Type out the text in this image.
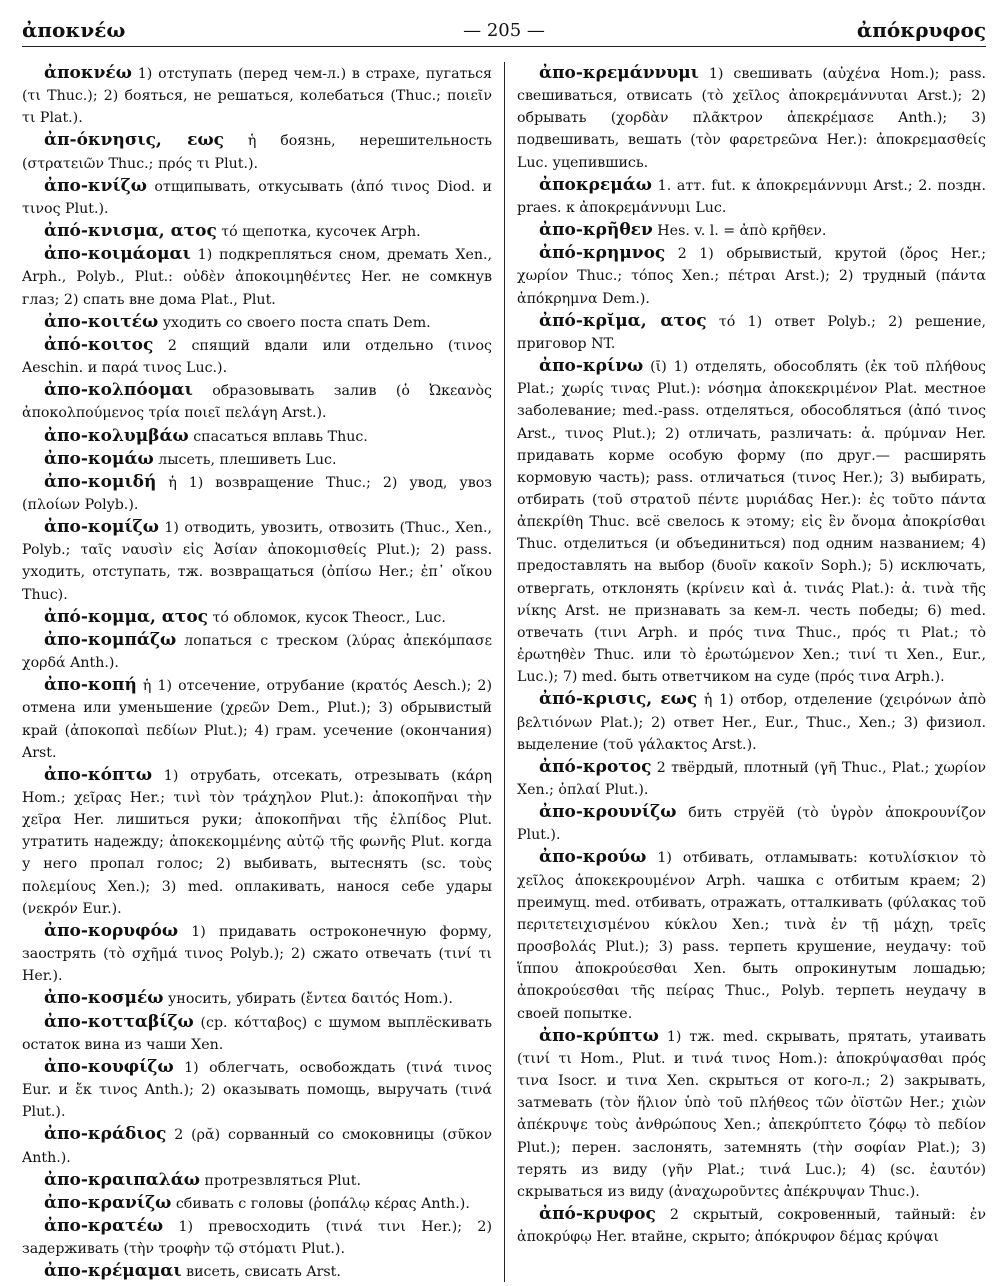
ἀποκνέω	— 205 —	ἀπόκρυφος

ἀποκνέω 1) отступать (перед чем-л.) в страхе, пугаться (τι Thuc.); 2) бояться, не решаться, колебаться (Thuc.; ποιεῖν τι Plat.).

ἀπ-όκνησις, εως ἡ боязнь, нерешительность (στρατειῶν Thuc.; πρός τι Plut.).

ἀπο-κνίζω отщипывать, откусывать (ἀπό τινος Diod. и τινος Plut.).

ἀπό-κνισμα, ατος τό щепотка, кусочек Arph.

ἀπο-κοιμάομαι 1) подкрепляться сном, дремать Xen., Arph., Polyb., Plut.: οὐδὲν ἀποκοιμηθέντες Her. не сомкнув глаз; 2) спать вне дома Plat., Plut.

ἀπο-κοιτέω уходить со своего поста спать Dem.

ἀπό-κοιτος 2 спящий вдали или отдельно (τινος Aeschin. и παρά τινος Luc.).

ἀπο-κολπόομαι образовывать залив (ὁ Ὠκεανὸς ἀποκολπούμενος τρία ποιεῖ πελάγη Arst.).

ἀπο-κολυμβάω спасаться вплавь Thuc.

ἀπο-κομάω лысеть, плешиветь Luc.

ἀπο-κομιδή ἡ 1) возвращение Thuc.; 2) увод, увоз (πλοίων Polyb.).

ἀπο-κομίζω 1) отводить, увозить, отвозить (Thuc., Xen., Polyb.; ταῖς ναυσὶν εἰς Ἀσίαν ἀποκομισθείς Plut.); 2) pass. уходить, отступать, тж. возвращаться (ὀπίσω Her.; ἐπ᾽ οἴκου Thuc).

ἀπό-κομμα, ατος τό обломок, кусок Theocr., Luc.

ἀπο-κομπάζω лопаться с треском (λύρας ἀπεκόμπασε χορδά Anth.).

ἀπο-κοπή ἡ 1) отсечение, отрубание (κρατός Aesch.); 2) отмена или уменьшение (χρεῶν Dem., Plut.); 3) обрывистый край (ἀποκοπαὶ πεδίων Plut.); 4) грам. усечение (окончания) Arst.

ἀπο-κόπτω 1) отрубать, отсекать, отрезывать (κάρη Hom.; χεῖρας Her.; τινὶ τὸν τράχηλον Plut.): ἀποκοπῆναι τὴν χεῖρα Her. лишиться руки; ἀποκοπῆναι τῆς ἐλπίδος Plut. утратить надежду; ἀποκεκομμένης αὐτῷ τῆς φωνῆς Plut. когда у него пропал голос; 2) выбивать, вытеснять (sc. τοὺς πολεμίους Xen.); 3) med. оплакивать, нанося себе удары (νεκρόν Eur.).

ἀπο-κορυφόω 1) придавать остроконечную форму, заострять (τὸ σχῆμά τινος Polyb.); 2) сжато отвечать (τινί τι Her.).

ἀπο-κοσμέω уносить, убирать (ἔντεα δαιτός Hom.).

ἀπο-κοτταβίζω (ср. κότταβος) с шумом выплёскивать остаток вина из чаши Xen.

ἀπο-κουφίζω 1) облегчать, освобождать (τινά τινος Eur. и ἔκ τινος Anth.); 2) оказывать помощь, выручать (τινά Plut.).

ἀπο-κράδιος 2 (ρᾰ) сорванный со смоковницы (σῦκον Anth.).

ἀπο-κραιπαλάω протрезвляться Plut.

ἀπο-κρανίζω сбивать с головы (ῥοπάλῳ κέρας Anth.).

ἀπο-κρατέω 1) превосходить (τινά τινι Her.); 2) задерживать (τὴν τροφὴν τῷ στόματι Plut.).

ἀπο-κρέμαμαι висеть, свисать Arst.

ἀπο-κρεμάννυμι 1) свешивать (αὐχένα Hom.); pass. свешиваться, отвисать (τὸ χεῖλος ἀποκρεμάννυται Arst.); 2) обрывать (χορδὰν πλᾶκτρον ἀπεκρέμασε Anth.); 3) подвешивать, вешать (τὸν φαρετρεῶνα Her.): ἀποκρεμασθείς Luc. уцепившись.

ἀποκρεμάω 1. атт. fut. к ἀποκρεμάννυμι Arst.; 2. поздн. praes. к ἀποκρεμάννυμι Luc.

ἀπο-κρῆθεν Hes. v. l. = ἀπὸ κρῆθεν.

ἀπό-κρημνος 2 1) обрывистый, крутой (ὄρος Her.; χωρίον Thuc.; τόπος Xen.; πέτραι Arst.); 2) трудный (πάντα ἀπόκρημνα Dem.).

ἀπό-κρῐμα, ατος τό 1) ответ Polyb.; 2) решение, приговор NT.

ἀπο-κρίνω (ῑ) 1) отделять, обособлять (ἐκ τοῦ πλήθους Plat.; χωρίς τινας Plut.): νόσημα ἀποκεκριμένον Plat. местное заболевание; med.-pass. отделяться, обособляться (ἀπό τινος Arst., τινος Plut.); 2) отличать, различать: ἀ. πρύμναν Her. придавать корме особую форму (по друг.— расширять кормовую часть); pass. отличаться (τινος Her.); 3) выбирать, отбирать (τοῦ στρατοῦ πέντε μυριάδας Her.): ἐς τοῦτο πάντα ἀπεκρίθη Thuc. всё свелось к этому; εἰς ἓν ὄνομα ἀποκρίσθαι Thuc. отделиться (и объединиться) под одним названием; 4) предоставлять на выбор (δυοῖν κακοῖν Soph.); 5) исключать, отвергать, отклонять (κρίνειν καὶ ἀ. τινάς Plat.): ἀ. τινὰ τῆς νίκης Arst. не признавать за кем-л. честь победы; 6) med. отвечать (τινι Arph. и πρός τινα Thuc., πρός τι Plat.; τὸ ἐρωτηθὲν Thuc. или τὸ ἐρωτώμενον Xen.; τινί τι Xen., Eur., Luc.); 7) med. быть ответчиком на суде (πρός τινα Arph.).

ἀπό-κρισις, εως ἡ 1) отбор, отделение (χειρόνων ἀπὸ βελτιόνων Plat.); 2) ответ Her., Eur., Thuc., Xen.; 3) физиол. выделение (τοῦ γάλακτος Arst.).

ἀπό-κροτος 2 твёрдый, плотный (γῆ Thuc., Plat.; χωρίον Xen.; ὁπλαί Plut.).

ἀπο-κρουνίζω бить струёй (τὸ ὑγρὸν ἀποκρουνίζον Plut.).

ἀπο-κρούω 1) отбивать, отламывать: κοτυλίσκιον τὸ χεῖλος ἀποκεκρουμένον Arph. чашка с отбитым краем; 2) преимущ. med. отбивать, отражать, отталкивать (φύλακας τοῦ περιτετειχισμένου κύκλου Xen.; τινὰ ἐν τῇ μάχῃ, τρεῖς προσβολάς Plut.); 3) pass. терпеть крушение, неудачу: τοῦ ἵππου ἀποκρούεσθαι Xen. быть опрокинутым лошадью; ἀποκρούεσθαι τῆς πείρας Thuc., Polyb. терпеть неудачу в своей попытке.

ἀπο-κρύπτω 1) тж. med. скрывать, прятать, утаивать (τινί τι Hom., Plut. и τινά τινος Hom.): ἀποκρύψασθαι πρός τινα Isocr. и τινα Xen. скрыться от кого-л.; 2) закрывать, затмевать (τὸν ἥλιον ὑπὸ τοῦ πλήθεος τῶν ὀϊστῶν Her.; χιὼν ἀπέκρυψε τοὺς ἀνθρώπους Xen.; ἀπεκρύπτετο ζόφῳ τὸ πεδίον Plut.); перен. заслонять, затемнять (τὴν σοφίαν Plat.); 3) терять из виду (γῆν Plat.; τινά Luc.); 4) (sc. ἑαυτόν) скрываться из виду (ἀναχωροῦντες ἀπέκρυψαν Thuc.).

ἀπό-κρυφος 2 скрытый, сокровенный, тайный: ἐν ἀποκρύφῳ Her. втайне, скрыто; ἀπόκρυφον δέμας κρύψαι
